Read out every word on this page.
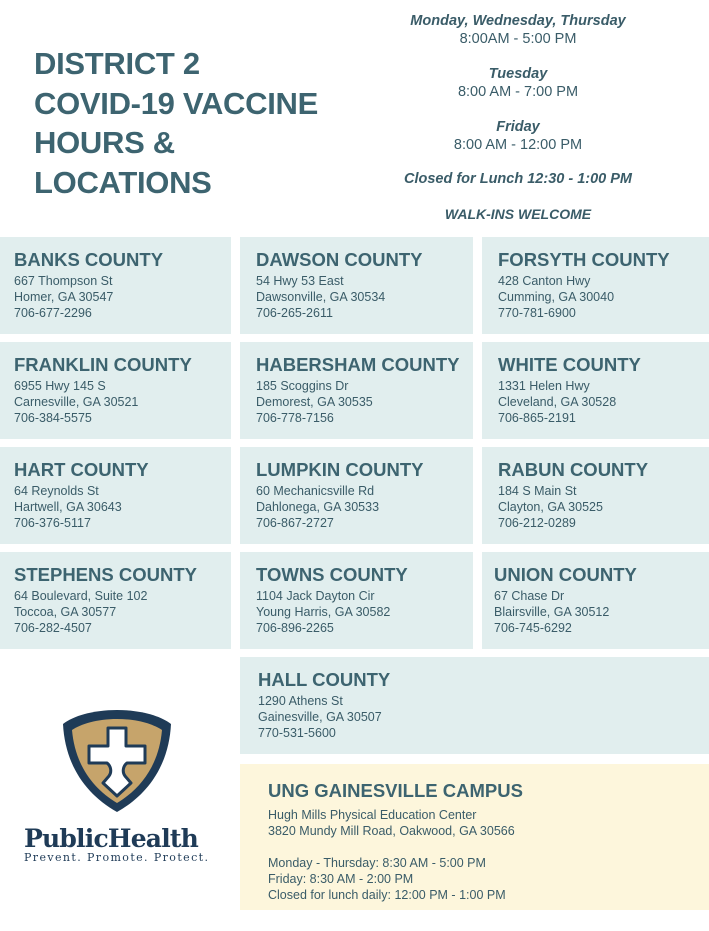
DISTRICT 2
COVID-19 VACCINE
HOURS &
LOCATIONS
Monday, Wednesday, Thursday
8:00AM - 5:00 PM
Tuesday
8:00 AM - 7:00 PM
Friday
8:00 AM - 12:00 PM
Closed for Lunch 12:30 - 1:00 PM
WALK-INS WELCOME
BANKS COUNTY
667 Thompson St
Homer, GA 30547
706-677-2296
DAWSON COUNTY
54 Hwy 53 East
Dawsonville, GA 30534
706-265-2611
FORSYTH COUNTY
428 Canton Hwy
Cumming, GA 30040
770-781-6900
FRANKLIN COUNTY
6955 Hwy 145 S
Carnesville, GA 30521
706-384-5575
HABERSHAM COUNTY
185 Scoggins Dr
Demorest, GA 30535
706-778-7156
WHITE COUNTY
1331 Helen Hwy
Cleveland, GA 30528
706-865-2191
HART COUNTY
64 Reynolds St
Hartwell, GA 30643
706-376-5117
LUMPKIN COUNTY
60 Mechanicsville Rd
Dahlonega, GA 30533
706-867-2727
RABUN COUNTY
184 S Main St
Clayton, GA 30525
706-212-0289
STEPHENS COUNTY
64 Boulevard, Suite 102
Toccoa, GA 30577
706-282-4507
TOWNS COUNTY
1104 Jack Dayton Cir
Young Harris, GA 30582
706-896-2265
UNION COUNTY
67 Chase Dr
Blairsville, GA 30512
706-745-6292
HALL COUNTY
1290 Athens St
Gainesville, GA 30507
770-531-5600
UNG GAINESVILLE CAMPUS
Hugh Mills Physical Education Center
3820 Mundy Mill Road, Oakwood, GA 30566
Monday - Thursday: 8:30 AM - 5:00 PM
Friday: 8:30 AM - 2:00 PM
Closed for lunch daily: 12:00 PM - 1:00 PM
PublicHealth
Prevent. Promote. Protect.
